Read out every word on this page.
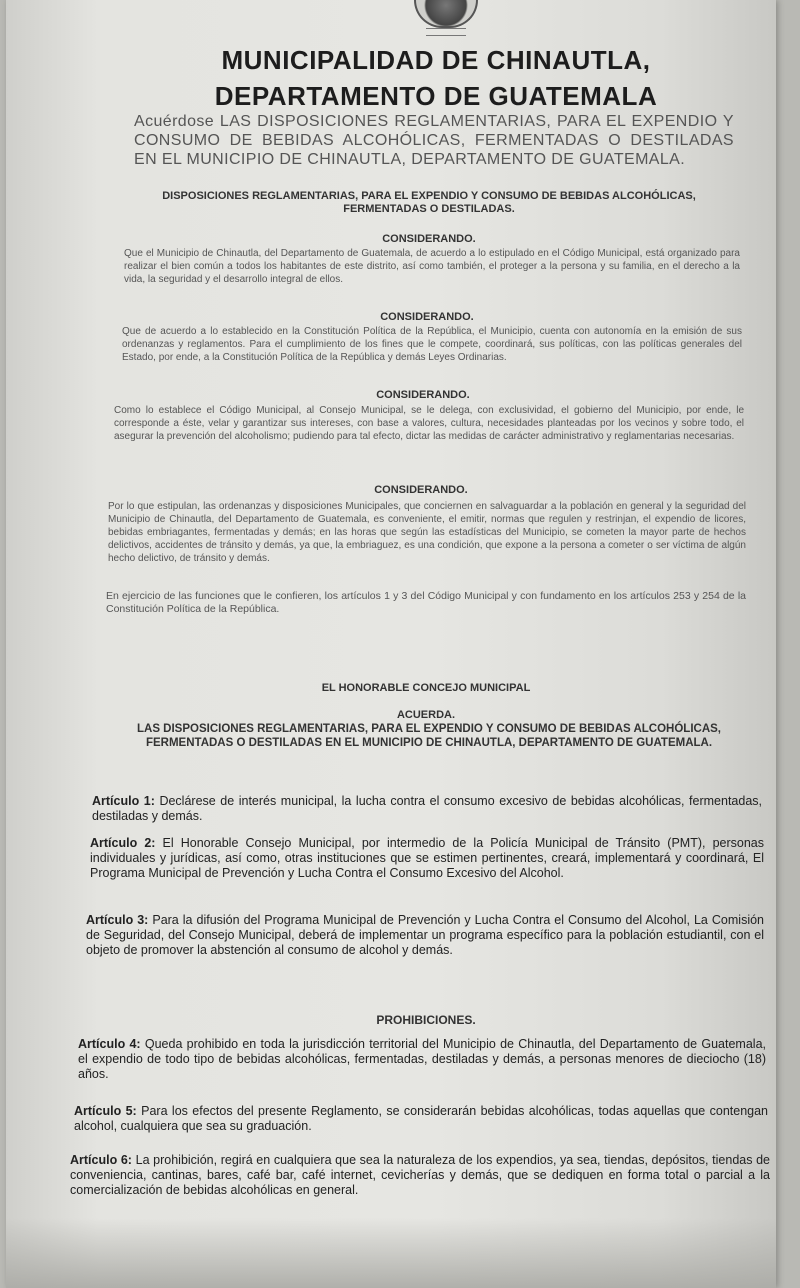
MUNICIPALIDAD DE CHINAUTLA,
DEPARTAMENTO DE GUATEMALA
Acuérdose LAS DISPOSICIONES REGLAMENTARIAS, PARA EL EXPENDIO Y CONSUMO DE BEBIDAS ALCOHÓLICAS, FERMENTADAS O DESTILADAS EN EL MUNICIPIO DE CHINAUTLA, DEPARTAMENTO DE GUATEMALA.
DISPOSICIONES REGLAMENTARIAS, PARA EL EXPENDIO Y CONSUMO DE BEBIDAS ALCOHÓLICAS, FERMENTADAS O DESTILADAS.
CONSIDERANDO.
Que el Municipio de Chinautla, del Departamento de Guatemala, de acuerdo a lo estipulado en el Código Municipal, está organizado para realizar el bien común a todos los habitantes de este distrito, así como también, el proteger a la persona y su familia, en el derecho a la vida, la seguridad y el desarrollo integral de ellos.
CONSIDERANDO.
Que de acuerdo a lo establecido en la Constitución Política de la República, el Municipio, cuenta con autonomía en la emisión de sus ordenanzas y reglamentos. Para el cumplimiento de los fines que le compete, coordinará, sus políticas, con las políticas generales del Estado, por ende, a la Constitución Política de la República y demás Leyes Ordinarias.
CONSIDERANDO.
Como lo establece el Código Municipal, al Consejo Municipal, se le delega, con exclusividad, el gobierno del Municipio, por ende, le corresponde a éste, velar y garantizar sus intereses, con base a valores, cultura, necesidades planteadas por los vecinos y sobre todo, el asegurar la prevención del alcoholismo; pudiendo para tal efecto, dictar las medidas de carácter administrativo y reglamentarias necesarias.
CONSIDERANDO.
Por lo que estipulan, las ordenanzas y disposiciones Municipales, que conciernen en salvaguardar a la población en general y la seguridad del Municipio de Chinautla, del Departamento de Guatemala, es conveniente, el emitir, normas que regulen y restrinjan, el expendio de licores, bebidas embriagantes, fermentadas y demás; en las horas que según las estadísticas del Municipio, se cometen la mayor parte de hechos delictivos, accidentes de tránsito y demás, ya que, la embriaguez, es una condición, que expone a la persona a cometer o ser víctima de algún hecho delictivo, de tránsito y demás.
En ejercicio de las funciones que le confieren, los artículos 1 y 3 del Código Municipal y con fundamento en los artículos 253 y 254 de la Constitución Política de la República.
EL HONORABLE CONCEJO MUNICIPAL
ACUERDA.
LAS DISPOSICIONES REGLAMENTARIAS, PARA EL EXPENDIO Y CONSUMO DE BEBIDAS ALCOHÓLICAS, FERMENTADAS O DESTILADAS EN EL MUNICIPIO DE CHINAUTLA, DEPARTAMENTO DE GUATEMALA.
Artículo 1: Declárese de interés municipal, la lucha contra el consumo excesivo de bebidas alcohólicas, fermentadas, destiladas y demás.
Artículo 2: El Honorable Consejo Municipal, por intermedio de la Policía Municipal de Tránsito (PMT), personas individuales y jurídicas, así como, otras instituciones que se estimen pertinentes, creará, implementará y coordinará, El Programa Municipal de Prevención y Lucha Contra el Consumo Excesivo del Alcohol.
Artículo 3: Para la difusión del Programa Municipal de Prevención y Lucha Contra el Consumo del Alcohol, La Comisión de Seguridad, del Consejo Municipal, deberá de implementar un programa específico para la población estudiantil, con el objeto de promover la abstención al consumo de alcohol y demás.
PROHIBICIONES.
Artículo 4: Queda prohibido en toda la jurisdicción territorial del Municipio de Chinautla, del Departamento de Guatemala, el expendio de todo tipo de bebidas alcohólicas, fermentadas, destiladas y demás, a personas menores de dieciocho (18) años.
Artículo 5: Para los efectos del presente Reglamento, se considerarán bebidas alcohólicas, todas aquellas que contengan alcohol, cualquiera que sea su graduación.
Artículo 6: La prohibición, regirá en cualquiera que sea la naturaleza de los expendios, ya sea, tiendas, depósitos, tiendas de conveniencia, cantinas, bares, café bar, café internet, cevicherías y demás, que se dediquen en forma total o parcial a la comercialización de bebidas alcohólicas en general.
